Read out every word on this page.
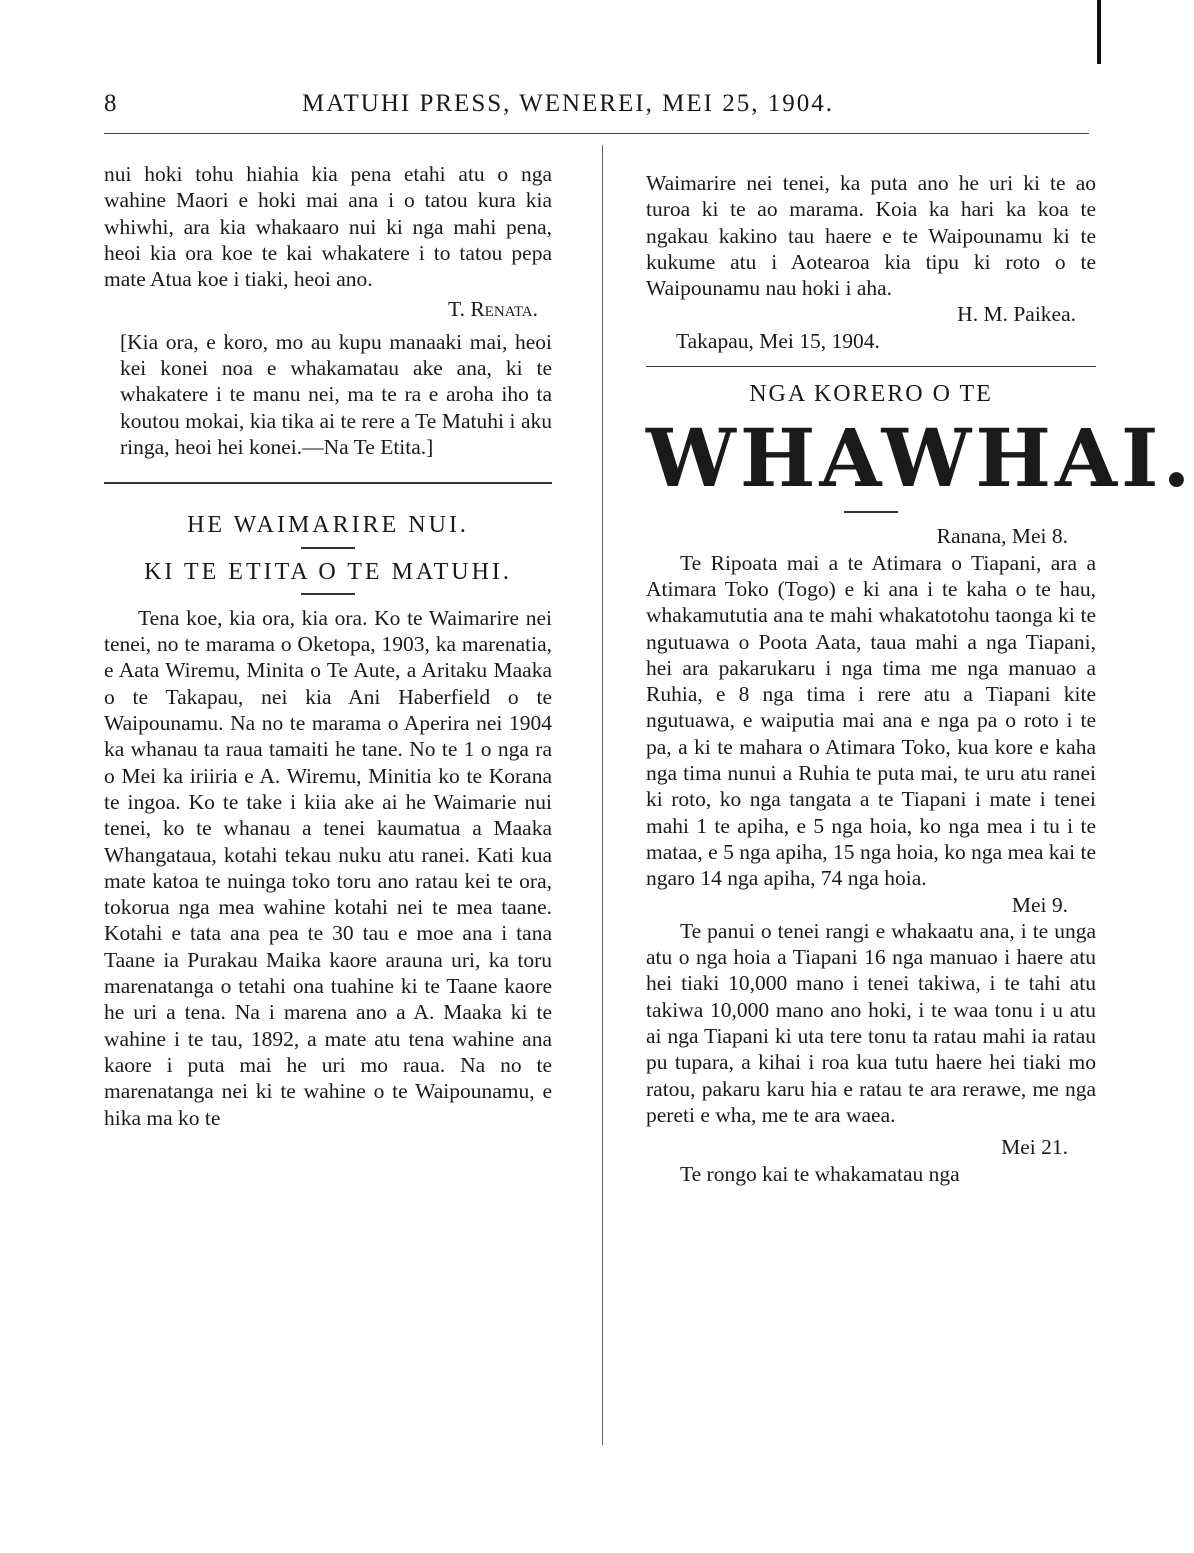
8	MATUHI PRESS, WENEREI, MEI 25, 1904.

nui hoki tohu hiahia kia pena etahi atu o nga wahine Maori e hoki mai ana i o tatou kura kia whiwhi, ara kia whakaaro nui ki nga mahi pena, heoi kia ora koe te kai whakatere i to tatou pepa mate Atua koe i tiaki, heoi ano.

T. Renata.

[Kia ora, e koro, mo au kupu manaaki mai, heoi kei konei noa e whakamatau ake ana, ki te whakatere i te manu nei, ma te ra e aroha iho ta koutou mokai, kia tika ai te rere a Te Matuhi i aku ringa, heoi hei konei.—Na Te Etita.]

HE WAIMARIRE NUI.

KI TE ETITA O TE MATUHI.

Tena koe, kia ora, kia ora. Ko te Waimarire nei tenei, no te marama o Oketopa, 1903, ka marenatia, e Aata Wiremu, Minita o Te Aute, a Aritaku Maaka o te Takapau, nei kia Ani Haberfield o te Waipounamu. Na no te marama o Aperira nei 1904 ka whanau ta raua tamaiti he tane. No te 1 o nga ra o Mei ka iriiria e A. Wiremu, Minitia ko te Korana te ingoa. Ko te take i kiia ake ai he Waimarie nui tenei, ko te whanau a tenei kaumatua a Maaka Whangataua, kotahi tekau nuku atu ranei. Kati kua mate katoa te nuinga toko toru ano ratau kei te ora, tokorua nga mea wahine kotahi nei te mea taane. Kotahi e tata ana pea te 30 tau e moe ana i tana Taane ia Purakau Maika kaore arauna uri, ka toru marenatanga o tetahi ona tuahine ki te Taane kaore he uri a tena. Na i marena ano a A. Maaka ki te wahine i te tau, 1892, a mate atu tena wahine ana kaore i puta mai he uri mo raua. Na no te marenatanga nei ki te wahine o te Waipounamu, e hika ma ko te

Waimarire nei tenei, ka puta ano he uri ki te ao turoa ki te ao marama. Koia ka hari ka koa te ngakau kakino tau haere e te Waipounamu ki te kukume atu i Aotearoa kia tipu ki roto o te Waipounamu nau hoki i aha.

H. M. Paikea.

Takapau, Mei 15, 1904.

NGA KORERO O TE

WHAWHAI.

Ranana, Mei 8.

Te Ripoata mai a te Atimara o Tiapani, ara a Atimara Toko (Togo) e ki ana i te kaha o te hau, whakamututia ana te mahi whakatotohu taonga ki te ngutuawa o Poota Aata, taua mahi a nga Tiapani, hei ara pakarukaru i nga tima me nga manuao a Ruhia, e 8 nga tima i rere atu a Tiapani kite ngutuawa, e waiputia mai ana e nga pa o roto i te pa, a ki te mahara o Atimara Toko, kua kore e kaha nga tima nunui a Ruhia te puta mai, te uru atu ranei ki roto, ko nga tangata a te Tiapani i mate i tenei mahi 1 te apiha, e 5 nga hoia, ko nga mea i tu i te mataa, e 5 nga apiha, 15 nga hoia, ko nga mea kai te ngaro 14 nga apiha, 74 nga hoia.

Mei 9.

Te panui o tenei rangi e whakaatu ana, i te unga atu o nga hoia a Tiapani 16 nga manuao i haere atu hei tiaki 10,000 mano i tenei takiwa, i te tahi atu takiwa 10,000 mano ano hoki, i te waa tonu i u atu ai nga Tiapani ki uta tere tonu ta ratau mahi ia ratau pu tupara, a kihai i roa kua tutu haere hei tiaki mo ratou, pakaru karu hia e ratau te ara rerawe, me nga pereti e wha, me te ara waea.

Mei 21.

Te rongo kai te whakamatau nga
